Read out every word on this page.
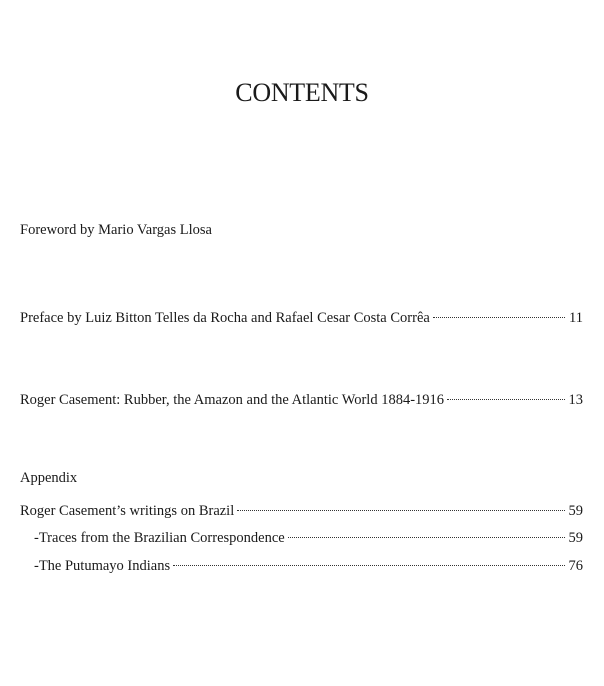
CONTENTS
Foreword by Mario Vargas Llosa
Preface by Luiz Bitton Telles da Rocha and Rafael Cesar Costa Corrêa	11
Roger Casement: Rubber, the Amazon and the Atlantic World 1884-1916	13
Appendix
Roger Casement’s writings on Brazil	59
-Traces from the Brazilian Correspondence	59
-The Putumayo Indians	76
